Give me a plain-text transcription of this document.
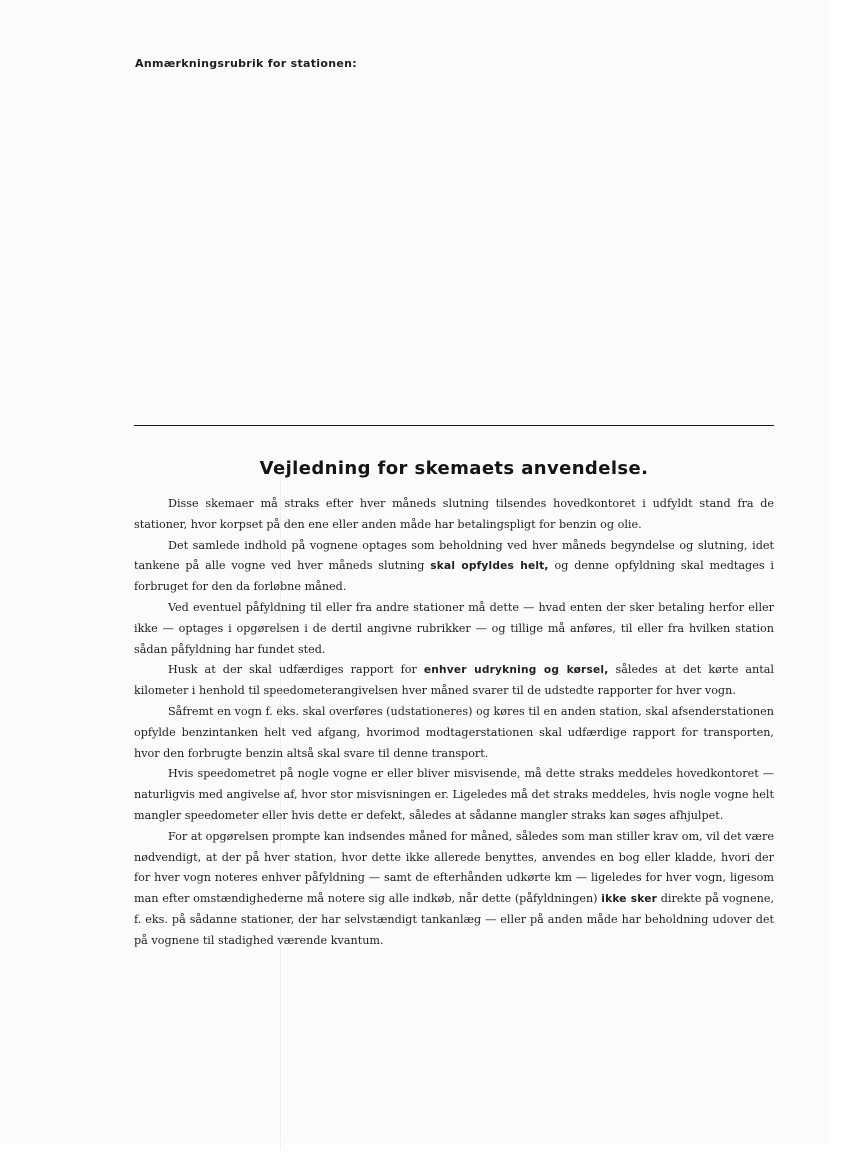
Anmærkningsrubrik for stationen:
Vejledning for skemaets anvendelse.

Disse skemaer må straks efter hver måneds slutning tilsendes hovedkontoret i udfyldt stand fra de stationer, hvor korpset på den ene eller anden måde har betalingspligt for benzin og olie.

Det samlede indhold på vognene optages som beholdning ved hver måneds begyndelse og slutning, idet tankene på alle vogne ved hver måneds slutning skal opfyldes helt, og denne opfyldning skal medtages i forbruget for den da forløbne måned.

Ved eventuel påfyldning til eller fra andre stationer må dette — hvad enten der sker betaling herfor eller ikke — optages i opgørelsen i de dertil angivne rubrikker — og tillige må anføres, til eller fra hvilken station sådan påfyldning har fundet sted.

Husk at der skal udfærdiges rapport for enhver udrykning og kørsel, således at det kørte antal kilometer i henhold til speedometerangivelsen hver måned svarer til de udstedte rapporter for hver vogn.

Såfremt en vogn f. eks. skal overføres (udstationeres) og køres til en anden station, skal afsenderstationen opfylde benzintanken helt ved afgang, hvorimod modtagerstationen skal udfærdige rapport for transporten, hvor den forbrugte benzin altså skal svare til denne transport.

Hvis speedometret på nogle vogne er eller bliver misvisende, må dette straks meddeles hovedkontoret — naturligvis med angivelse af, hvor stor misvisningen er. Ligeledes må det straks meddeles, hvis nogle vogne helt mangler speedometer eller hvis dette er defekt, således at sådanne mangler straks kan søges afhjulpet.

For at opgørelsen prompte kan indsendes måned for måned, således som man stiller krav om, vil det være nødvendigt, at der på hver station, hvor dette ikke allerede benyttes, anvendes en bog eller kladde, hvori der for hver vogn noteres enhver påfyldning — samt de efterhånden udkørte km — ligeledes for hver vogn, ligesom man efter omstændighederne må notere sig alle indkøb, når dette (påfyldningen) ikke sker direkte på vognene, f. eks. på sådanne stationer, der har selvstændigt tankanlæg — eller på anden måde har beholdning udover det på vognene til stadighed værende kvantum.
